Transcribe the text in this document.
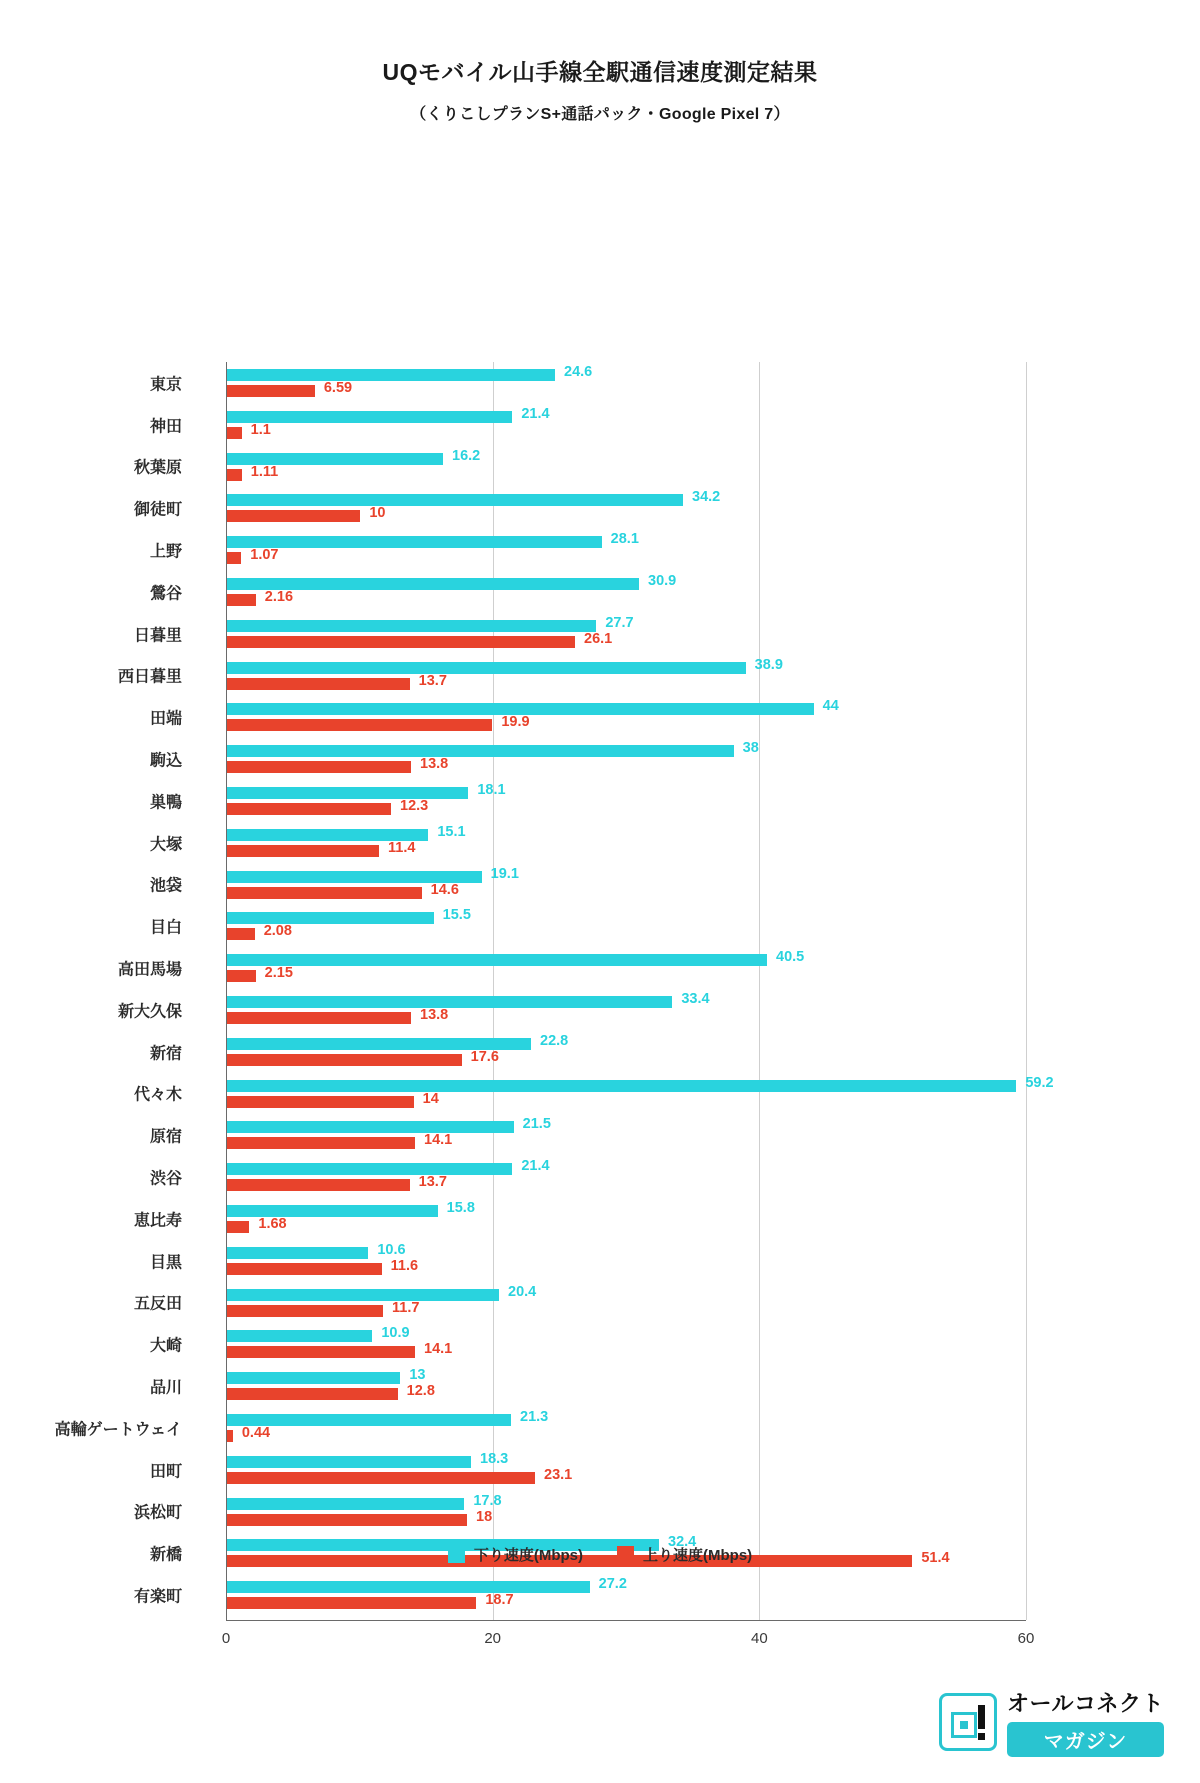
UQモバイル山手線全駅通信速度測定結果
（くりこしプランS+通話パック・Google Pixel 7）
0	20	40	60
東京
24.6
6.59
神田
21.4
1.1
秋葉原
16.2
1.11
御徒町
34.2
10
上野
28.1
1.07
鶯谷
30.9
2.16
日暮里
27.7
26.1
西日暮里
38.9
13.7
田端
44
19.9
駒込
38
13.8
巣鴨
18.1
12.3
大塚
15.1
11.4
池袋
19.1
14.6
目白
15.5
2.08
高田馬場
40.5
2.15
新大久保
33.4
13.8
新宿
22.8
17.6
代々木
59.2
14
原宿
21.5
14.1
渋谷
21.4
13.7
恵比寿
15.8
1.68
目黒
10.6
11.6
五反田
20.4
11.7
大崎
10.9
14.1
品川
13
12.8
高輪ゲートウェイ
21.3
0.44
田町
18.3
23.1
浜松町
17.8
18
新橋
32.4
51.4
有楽町
27.2
18.7
下り速度(Mbps)	上り速度(Mbps)
オールコネクト
マガジン
